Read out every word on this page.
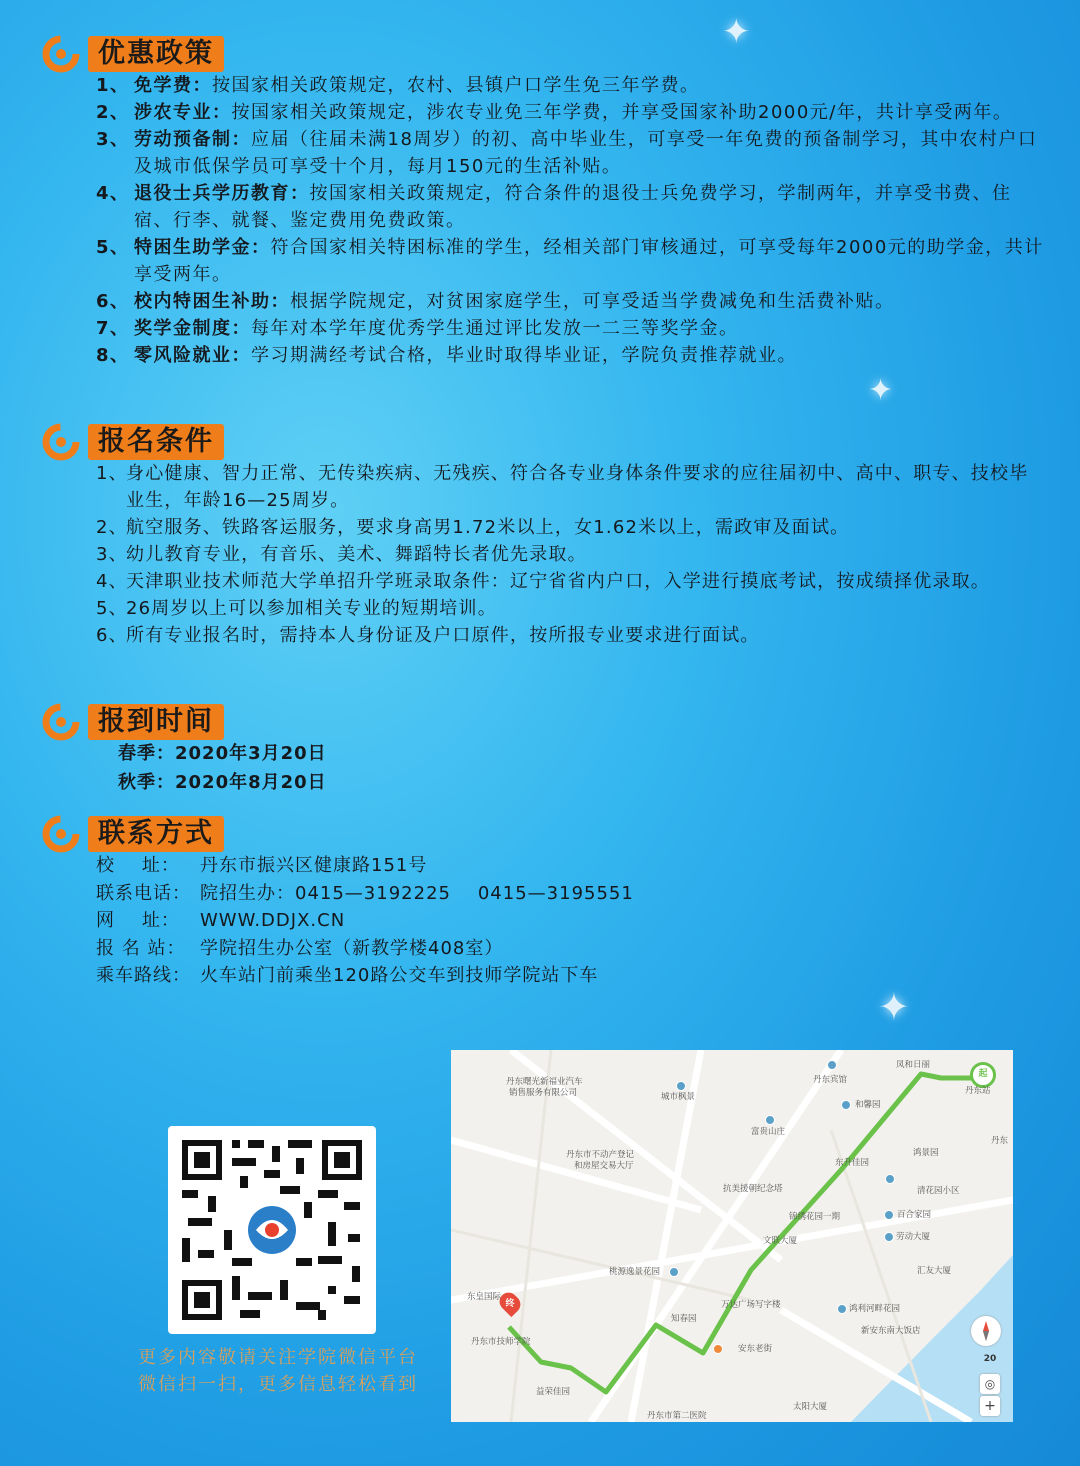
✦
✦
✦
优惠政策
1、 免学费：按国家相关政策规定，农村、县镇户口学生免三年学费。
2、 涉农专业：按国家相关政策规定，涉农专业免三年学费，并享受国家补助2000元/年，共计享受两年。
3、 劳动预备制：应届（往届未满18周岁）的初、高中毕业生，可享受一年免费的预备制学习，其中农村户口及城市低保学员可享受十个月，每月150元的生活补贴。
4、 退役士兵学历教育：按国家相关政策规定，符合条件的退役士兵免费学习，学制两年，并享受书费、住宿、行李、就餐、鉴定费用免费政策。
5、 特困生助学金：符合国家相关特困标准的学生，经相关部门审核通过，可享受每年2000元的助学金，共计享受两年。
6、 校内特困生补助：根据学院规定，对贫困家庭学生，可享受适当学费减免和生活费补贴。
7、 奖学金制度：每年对本学年度优秀学生通过评比发放一二三等奖学金。
8、 零风险就业：学习期满经考试合格，毕业时取得毕业证，学院负责推荐就业。
报名条件
1、
身心健康、智力正常、无传染疾病、无残疾、符合各专业身体条件要求的应往届初中、高中、职专、技校毕业生，年龄16—25周岁。
2、
航空服务、铁路客运服务，要求身高男1.72米以上，女1.62米以上，需政审及面试。
3、
幼儿教育专业，有音乐、美术、舞蹈特长者优先录取。
4、
天津职业技术师范大学单招升学班录取条件：辽宁省省内户口，入学进行摸底考试，按成绩择优录取。
5、
26周岁以上可以参加相关专业的短期培训。
6、
所有专业报名时，需持本人身份证及户口原件，按所报专业要求进行面试。
报到时间
春季：2020年3月20日
秋季：2020年8月20日
联系方式
校    址：	丹东市振兴区健康路151号
联系电话： 院招生办：0415—3192225    0415—3195551
网    址：	WWW.DDJX.CN
报 名 站： 学院招生办公室（新教学楼408室）
乘车路线： 火车站门前乘坐120路公交车到技师学院站下车
更多内容敬请关注学院微信平台
微信扫一扫，更多信息轻松看到
终
起
丹东曙光新福业汽车
销售服务有限公司	城市枫景
丹东宾馆
凤和日丽
和馨园
富贵山庄
丹东市不动产登记
和房屋交易大厅	东升佳园
鸿景园
抗美援朝纪念塔
锦绣花园一期
清花园小区
百合家园
文联大厦	劳动大厦
桃源逸景花园	汇友大厦
东皇国际
万达广场写字楼
知春园
鸿利河畔花园
丹东市技师学院
新安东南大饭店
安东老街
益荣佳园
丹东市第二医院
太阳大厦
丹东站
丹东
20
◎
+
